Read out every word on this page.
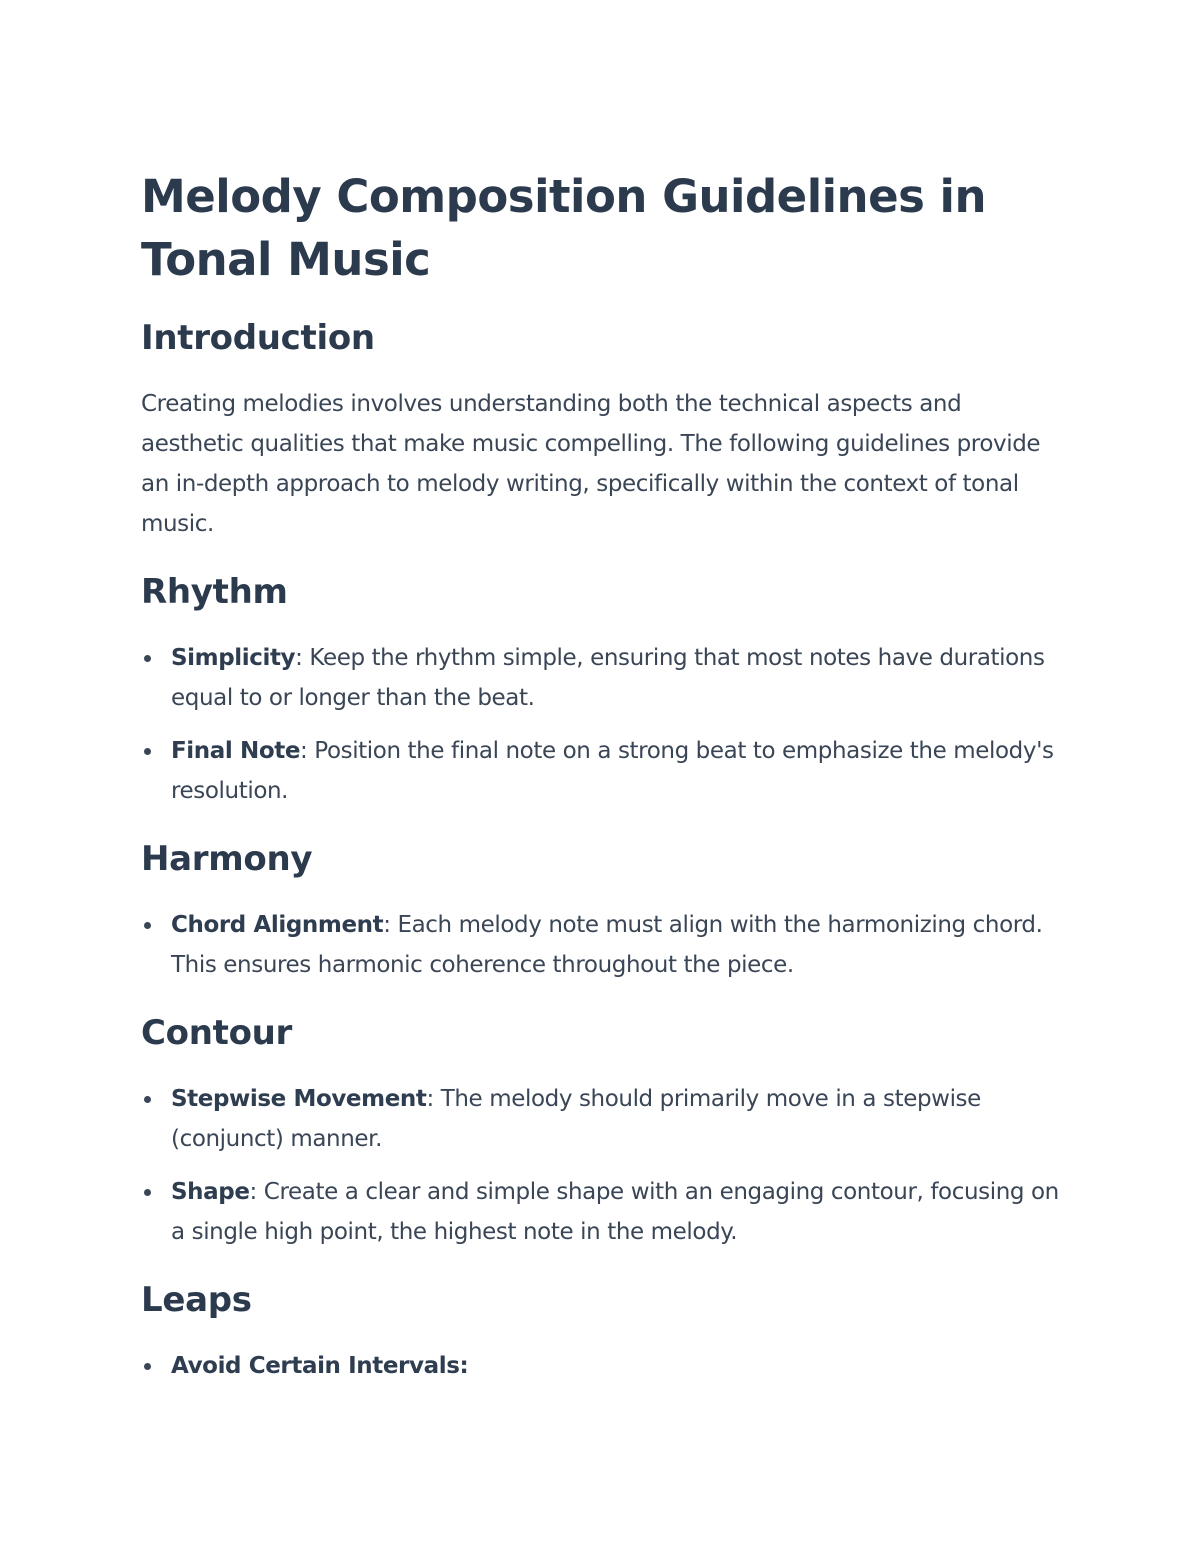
Melody Composition Guidelines in Tonal Music
Introduction

Creating melodies involves understanding both the technical aspects and aesthetic qualities that make music compelling. The following guidelines provide an in-depth approach to melody writing, specifically within the context of tonal music.

Rhythm
Simplicity: Keep the rhythm simple, ensuring that most notes have durations equal to or longer than the beat.
Final Note: Position the final note on a strong beat to emphasize the melody's resolution.
Harmony
Chord Alignment: Each melody note must align with the harmonizing chord. This ensures harmonic coherence throughout the piece.
Contour
Stepwise Movement: The melody should primarily move in a stepwise (conjunct) manner.
Shape: Create a clear and simple shape with an engaging contour, focusing on a single high point, the highest note in the melody.
Leaps
Avoid Certain Intervals:
